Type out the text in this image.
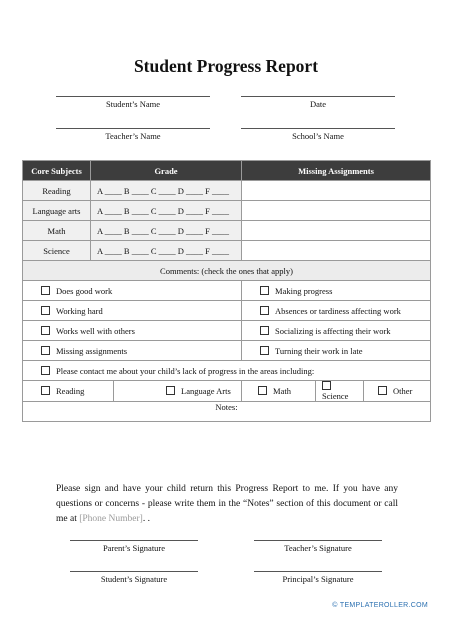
Student Progress Report
Student’s Name	Date
Teacher’s Name	School’s Name
Core Subjects	Grade		Missing Assignments		
Reading	A ____ B ____ C ____ D ____ F ____				
Language arts	A ____ B ____ C ____ D ____ F ____				
Math	A ____ B ____ C ____ D ____ F ____				
Science	A ____ B ____ C ____ D ____ F ____				
Comments: (check the ones that apply)					
Does good work			Making progress		
Working hard			Absences or tardiness affecting work		
Works well with others			Socializing is affecting their work		
Missing assignments			Turning their work in late		
Please contact me about your child’s lack of progress in the areas including:					
Reading		Language Arts	Math	Science	Other
Notes:					
Please sign and have your child return this Progress Report to me. If you have any questions or concerns - please write them in the “Notes” section of this document or call me at [Phone Number]. .
Parent’s Signature	Teacher’s Signature
Student’s Signature	Principal’s Signature
© TEMPLATEROLLER.COM
